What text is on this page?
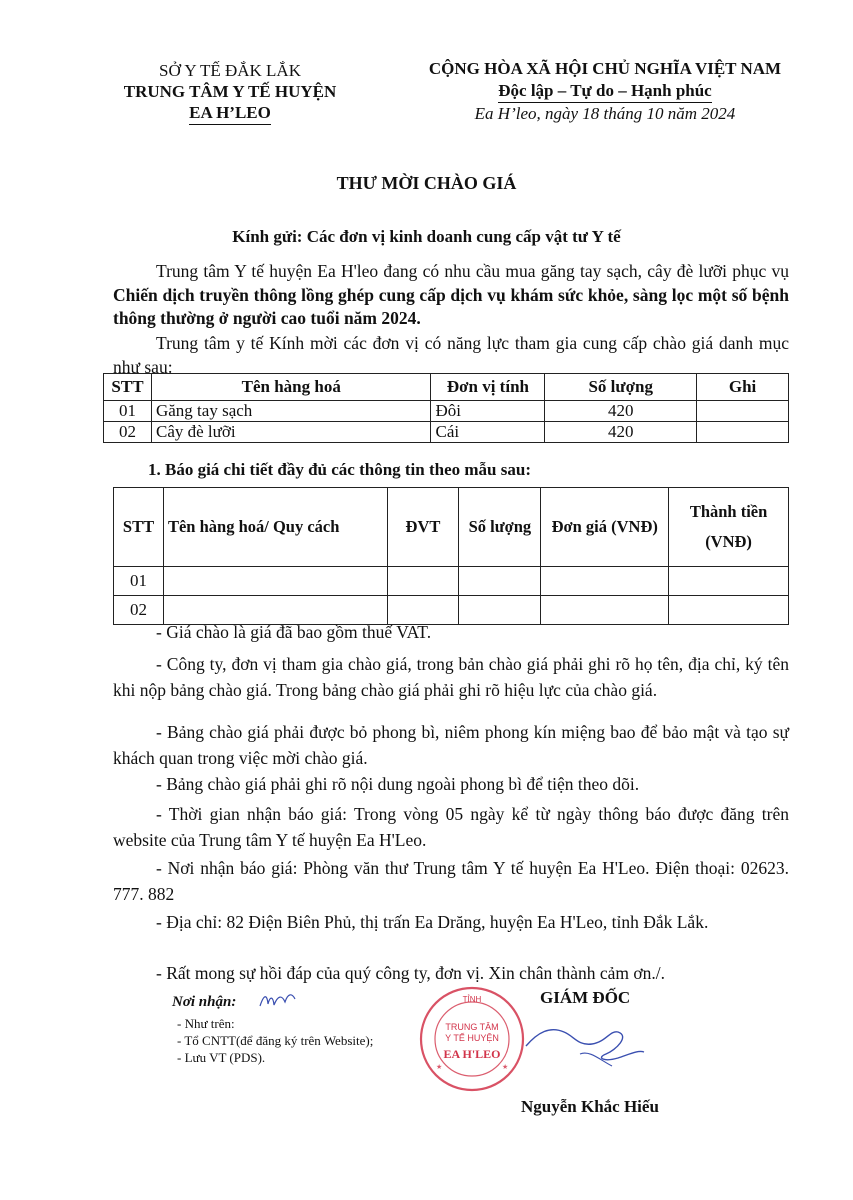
SỞ Y TẾ ĐẮK LẮK
TRUNG TÂM Y TẾ HUYỆN
EA H’LEO
CỘNG HÒA XÃ HỘI CHỦ NGHĨA VIỆT NAM
Độc lập – Tự do – Hạnh phúc
Ea H’leo, ngày 18 tháng 10 năm 2024
THƯ MỜI CHÀO GIÁ
Kính gửi: Các đơn vị kinh doanh cung cấp vật tư Y tế
Trung tâm Y tế huyện Ea H'leo đang có nhu cầu mua găng tay sạch, cây đè lưỡi phục vụ Chiến dịch truyền thông lồng ghép cung cấp dịch vụ khám sức khỏe, sàng lọc một số bệnh thông thường ở người cao tuổi năm 2024.
Trung tâm y tế Kính mời các đơn vị có năng lực tham gia cung cấp chào giá danh mục như sau:
STT	Tên hàng hoá	Đơn vị tính	Số lượng	Ghi
01	Găng tay sạch	Đôi	420	
02	Cây đè lưỡi	Cái	420	
1. Báo giá chi tiết đầy đủ các thông tin theo mẫu sau:
STT	Tên hàng hoá/ Quy cách	ĐVT	Số lượng	Đơn giá (VNĐ)	Thành tiền (VNĐ)
01					
02					
- Giá chào là giá đã bao gồm thuế VAT.
- Công ty, đơn vị tham gia chào giá, trong bản chào giá phải ghi rõ họ tên, địa chỉ, ký tên khi nộp bảng chào giá. Trong bảng chào giá phải ghi rõ hiệu lực của chào giá.
- Bảng chào giá phải được bỏ phong bì, niêm phong kín miệng bao để bảo mật và tạo sự khách quan trong việc mời chào giá.
- Bảng chào giá phải ghi rõ nội dung ngoài phong bì để tiện theo dõi.
- Thời gian nhận báo giá: Trong vòng 05 ngày kể từ ngày thông báo được đăng trên website của Trung tâm Y tế huyện Ea H'Leo.
- Nơi nhận báo giá: Phòng văn thư Trung tâm Y tế huyện Ea H'Leo. Điện thoại: 02623. 777. 882
- Địa chỉ: 82 Điện Biên Phủ, thị trấn Ea Drăng, huyện Ea H'Leo, tỉnh Đắk Lắk.
- Rất mong sự hồi đáp của quý công ty, đơn vị. Xin chân thành cảm ơn./.
Nơi nhận:
- Như trên:
- Tổ CNTT(để đăng ký trên Website);
- Lưu VT (PDS).
TỈNH
TRUNG TÂM
Y TẾ HUYỆN
EA H'LEO
★	★
GIÁM ĐỐC
Nguyễn Khắc Hiếu
